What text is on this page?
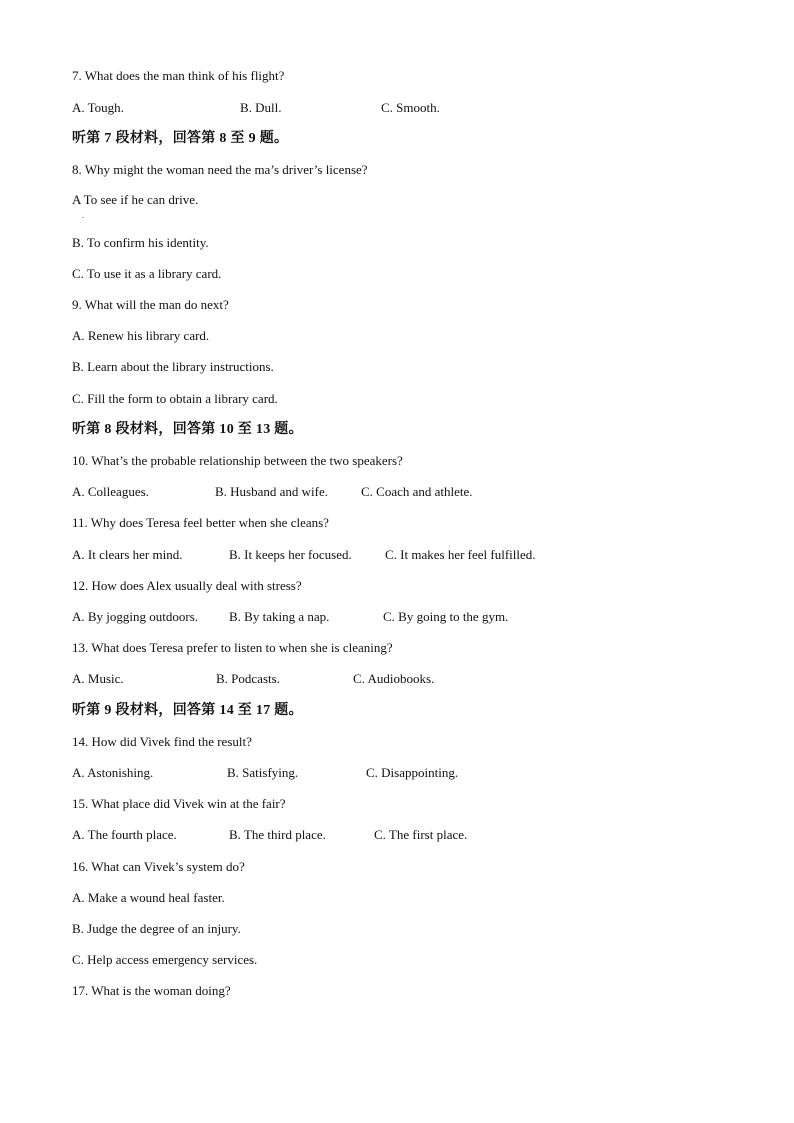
7. What does the man think of his flight?
A. Tough.	B. Dull.	C. Smooth.
听第 7 段材料，回答第 8 至 9 题。
8. Why might the woman need the ma’s driver’s license?
A To see if he can drive.
.
B. To confirm his identity.
C. To use it as a library card.
9. What will the man do next?
A. Renew his library card.
B. Learn about the library instructions.
C. Fill the form to obtain a library card.
听第 8 段材料，回答第 10 至 13 题。
10. What’s the probable relationship between the two speakers?
A. Colleagues.	B. Husband and wife.	C. Coach and athlete.
11. Why does Teresa feel better when she cleans?
A. It clears her mind.	B. It keeps her focused.	C. It makes her feel fulfilled.
12. How does Alex usually deal with stress?
A. By jogging outdoors. B. By taking a nap.	C. By going to the gym.
13. What does Teresa prefer to listen to when she is cleaning?
A. Music.	B. Podcasts.	C. Audiobooks.
听第 9 段材料，回答第 14 至 17 题。
14. How did Vivek find the result?
A. Astonishing.	B. Satisfying.	C. Disappointing.
15. What place did Vivek win at the fair?
A. The fourth place.	B. The third place.	C. The first place.
16. What can Vivek’s system do?
A. Make a wound heal faster.
B. Judge the degree of an injury.
C. Help access emergency services.
17. What is the woman doing?
